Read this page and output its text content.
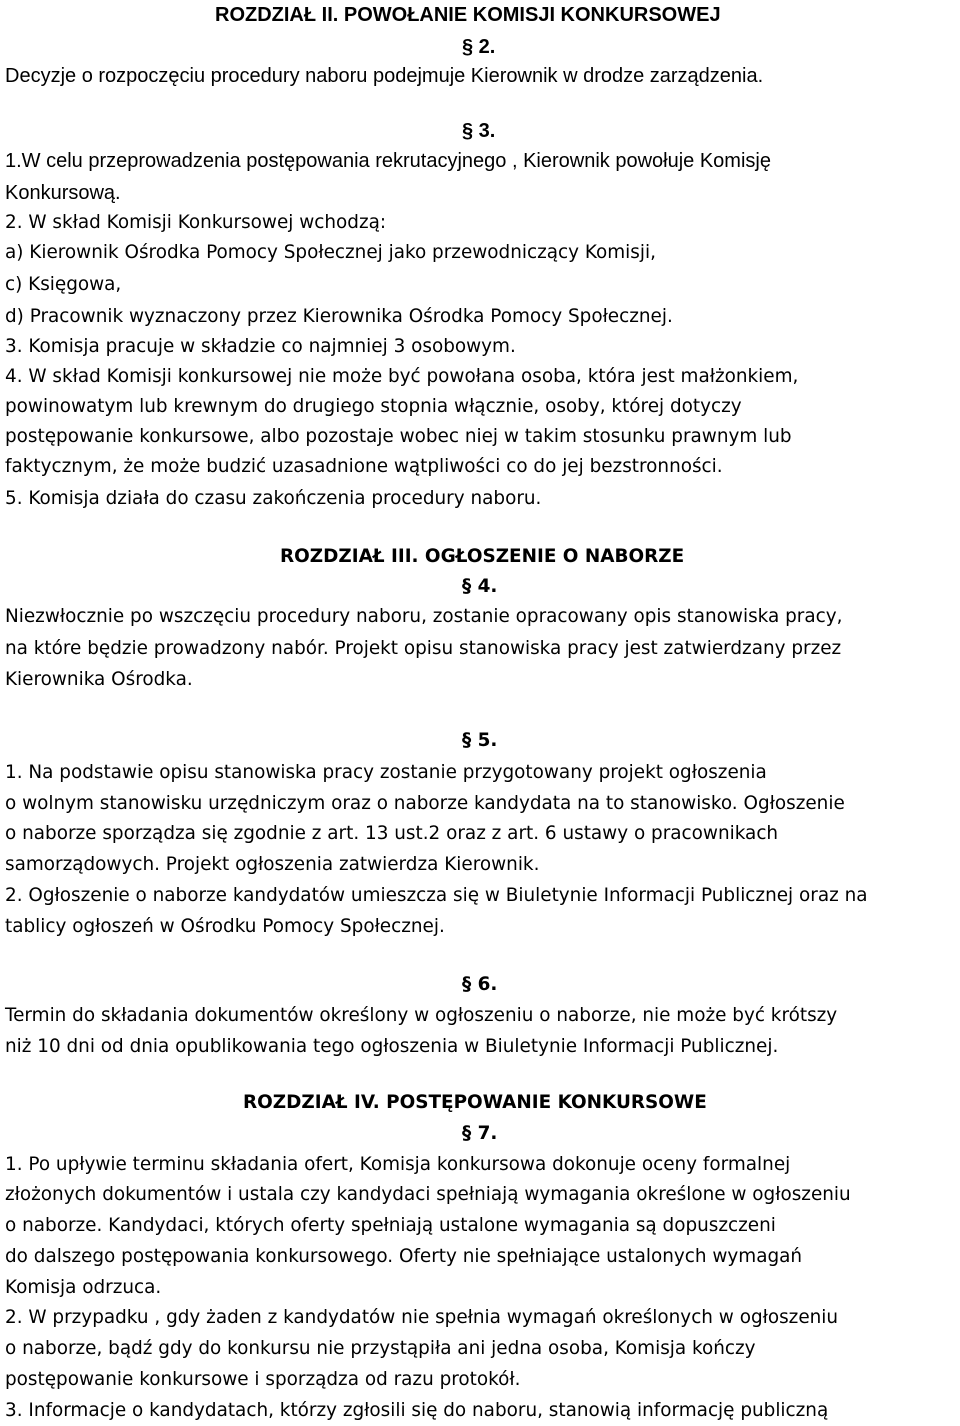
ROZDZIAŁ II. POWOŁANIE KOMISJI KONKURSOWEJ
§ 2.
Decyzje o rozpoczęciu procedury naboru podejmuje Kierownik w drodze zarządzenia.
§ 3.
1.W celu przeprowadzenia postępowania rekrutacyjnego , Kierownik powołuje Komisję
Konkursową.
2. W skład Komisji Konkursowej wchodzą:
a) Kierownik Ośrodka Pomocy Społecznej jako przewodniczący Komisji,
c) Księgowa,
d) Pracownik wyznaczony przez Kierownika Ośrodka Pomocy Społecznej.
3. Komisja pracuje w składzie co najmniej 3 osobowym.
4. W skład Komisji konkursowej nie może być powołana osoba, która jest małżonkiem,
powinowatym lub krewnym do drugiego stopnia włącznie, osoby, której dotyczy
postępowanie konkursowe, albo pozostaje wobec niej w takim stosunku prawnym lub
faktycznym, że może budzić uzasadnione wątpliwości co do jej bezstronności.
5. Komisja działa do czasu zakończenia procedury naboru.
ROZDZIAŁ III. OGŁOSZENIE O NABORZE
§ 4.
Niezwłocznie po wszczęciu procedury naboru, zostanie opracowany opis stanowiska pracy,
na które będzie prowadzony nabór. Projekt opisu stanowiska pracy jest zatwierdzany przez
Kierownika Ośrodka.
§ 5.
1. Na podstawie opisu stanowiska pracy zostanie przygotowany projekt ogłoszenia
o wolnym stanowisku urzędniczym oraz o naborze kandydata na to stanowisko. Ogłoszenie
o naborze sporządza się zgodnie z art. 13 ust.2 oraz z art. 6 ustawy o pracownikach
samorządowych. Projekt ogłoszenia zatwierdza Kierownik.
2. Ogłoszenie o naborze kandydatów umieszcza się w Biuletynie Informacji Publicznej oraz na
tablicy ogłoszeń w Ośrodku Pomocy Społecznej.
§ 6.
Termin do składania dokumentów określony w ogłoszeniu o naborze, nie może być krótszy
niż 10 dni od dnia opublikowania tego ogłoszenia w Biuletynie Informacji Publicznej.
ROZDZIAŁ IV. POSTĘPOWANIE KONKURSOWE
§ 7.
1. Po upływie terminu składania ofert, Komisja konkursowa dokonuje oceny formalnej
złożonych dokumentów i ustala czy kandydaci spełniają wymagania określone w ogłoszeniu
o naborze. Kandydaci, których oferty spełniają ustalone wymagania są dopuszczeni
do dalszego postępowania konkursowego. Oferty nie spełniające ustalonych wymagań
Komisja odrzuca.
2. W przypadku , gdy żaden z kandydatów nie spełnia wymagań określonych w ogłoszeniu
o naborze, bądź gdy do konkursu nie przystąpiła ani jedna osoba, Komisja kończy
postępowanie konkursowe i sporządza od razu protokół.
3. Informacje o kandydatach, którzy zgłosili się do naboru, stanowią informację publiczną
